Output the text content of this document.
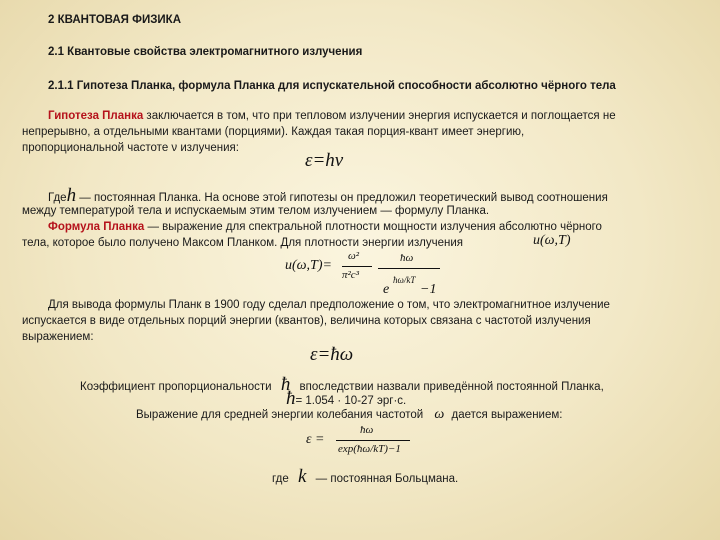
2 КВАНТОВАЯ ФИЗИКА
2.1 Квантовые свойства электромагнитного излучения
2.1.1 Гипотеза Планка, формула Планка для испускательной способности абсолютно чёрного тела
Гипотеза Планка заключается в том, что при тепловом излучении энергия испускается и поглощается не
непрерывно, а отдельными квантами (порциями). Каждая такая порция-квант имеет энергию,
пропорциональной частоте ν излучения:
ε=hν
Гдеh — постоянная Планка. На основе этой гипотезы он предложил теоретический вывод соотношения
между температурой тела и испускаемым этим телом излучением — формулу Планка.
Формула Планка — выражение для спектральной плотности мощности излучения абсолютно чёрного
тела, которое было получено Максом Планком. Для плотности энергии излучения	u(ω,T)
u(ω,T)=
ω²
π²c³
ħω
e
ħω/kT
−1
Для вывода формулы Планк в 1900 году сделал предположение о том, что электромагнитное излучение
испускается в виде отдельных порций энергии (квантов), величина которых связана с частотой излучения
выражением:
ε=ħω
Коэффициент пропорциональности ħ впоследствии назвали приведённой постоянной Планка,
ħ= 1.054 · 10-27 эрг·с.
Выражение для средней энергии колебания частотой ω дается выражением:
ε =
ħω
exp(ħω/kT)−1
где k — постоянная Больцмана.
